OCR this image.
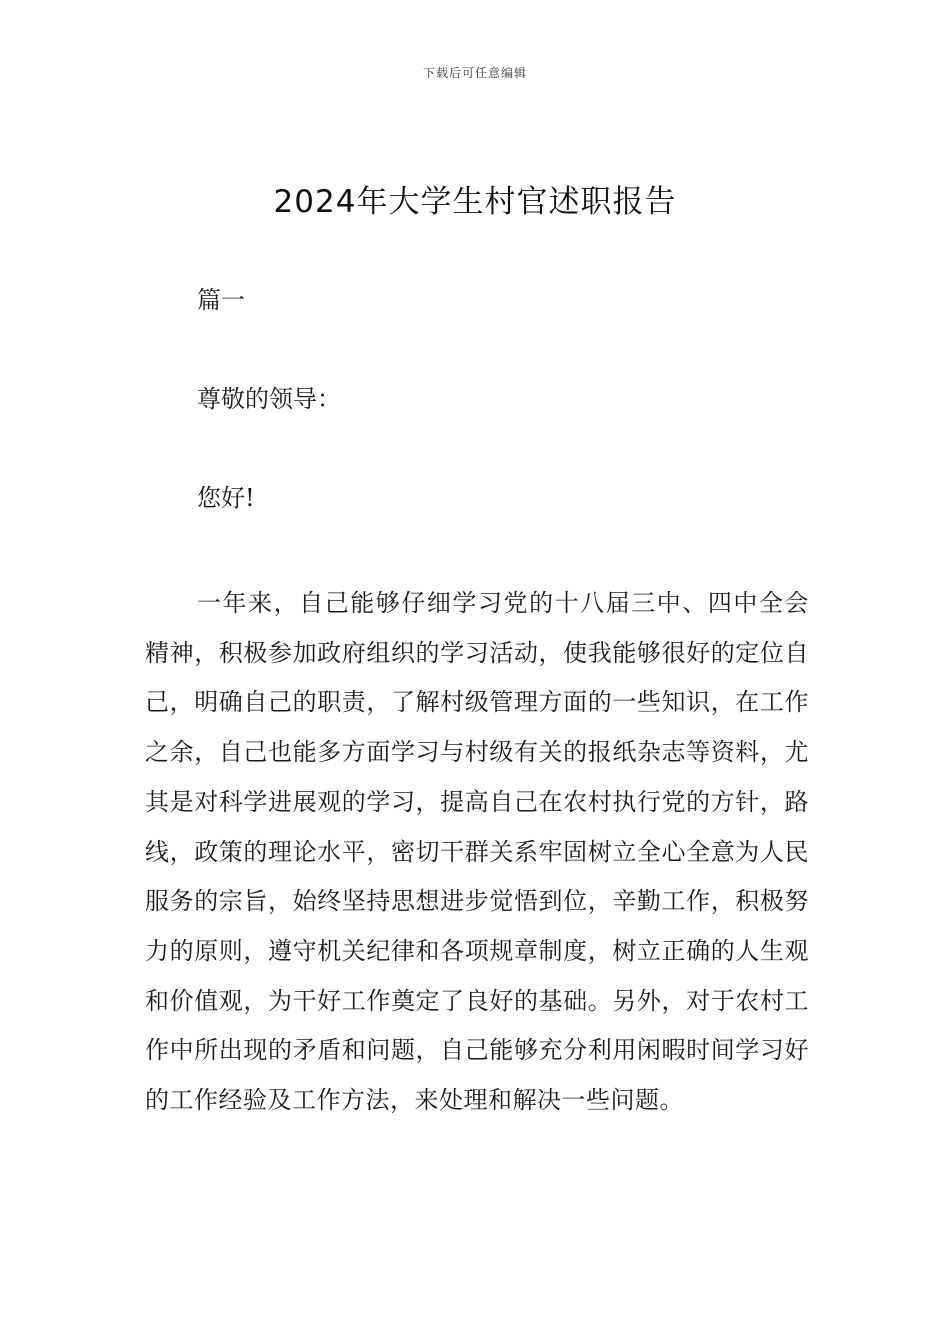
下载后可任意编辑
2024年大学生村官述职报告

篇一

尊敬的领导：

您好!

一年来，自己能够仔细学习党的十八届三中、四中全会精神，积极参加政府组织的学习活动，使我能够很好的定位自己，明确自己的职责，了解村级管理方面的一些知识，在工作之余，自己也能多方面学习与村级有关的报纸杂志等资料，尤其是对科学进展观的学习，提高自己在农村执行党的方针，路线，政策的理论水平，密切干群关系牢固树立全心全意为人民服务的宗旨，始终坚持思想进步觉悟到位，辛勤工作，积极努力的原则，遵守机关纪律和各项规章制度，树立正确的人生观和价值观，为干好工作奠定了良好的基础。另外，对于农村工作中所出现的矛盾和问题，自己能够充分利用闲暇时间学习好的工作经验及工作方法，来处理和解决一些问题。
